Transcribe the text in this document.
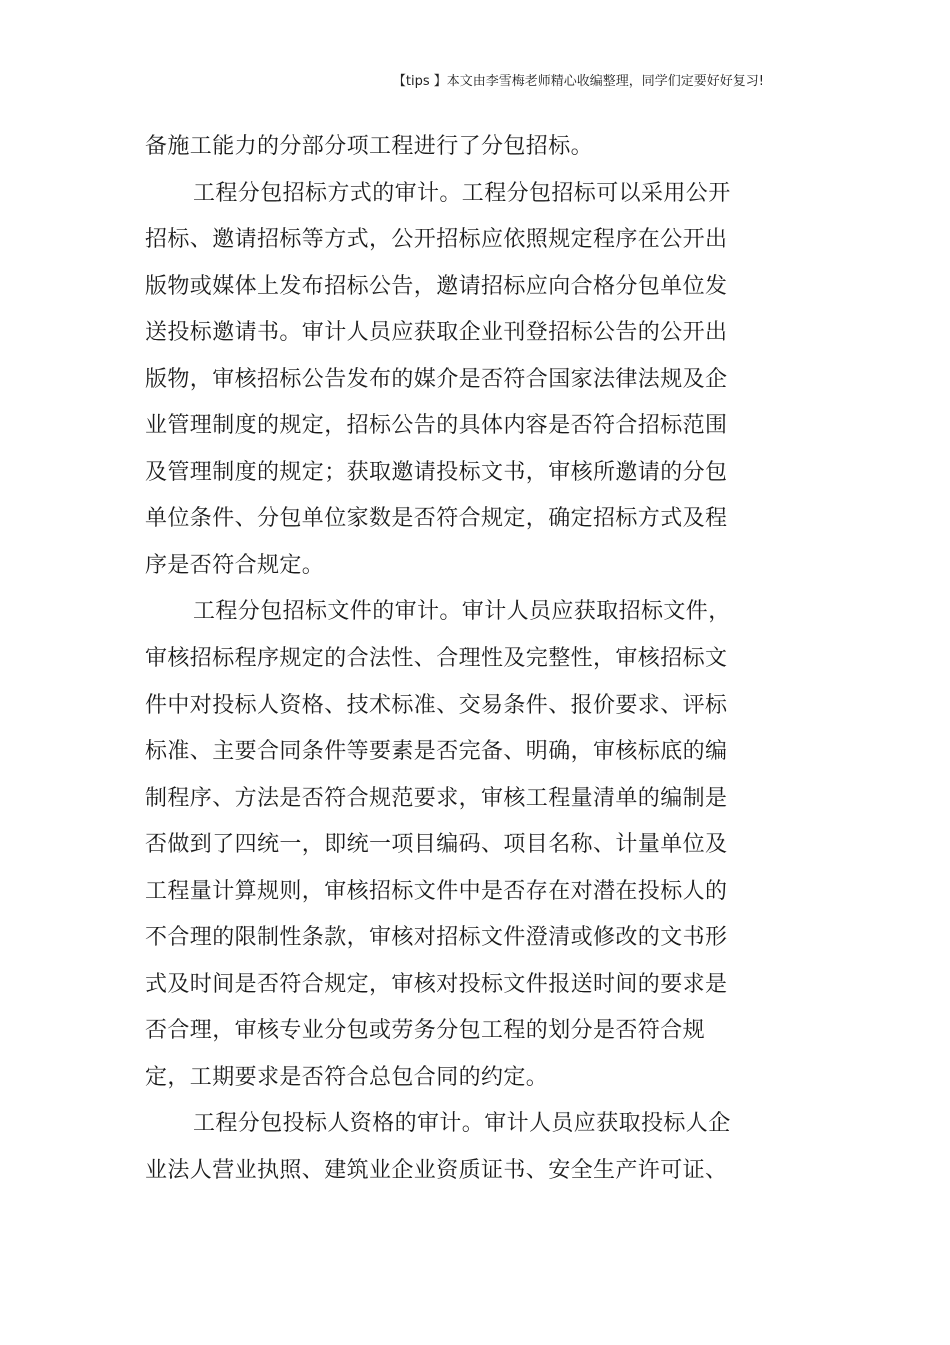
【tips 】本文由李雪梅老师精心收编整理，同学们定要好好复习!
备施工能力的分部分项工程进行了分包招标。
工程分包招标方式的审计。工程分包招标可以采用公开
招标、邀请招标等方式，公开招标应依照规定程序在公开出
版物或媒体上发布招标公告，邀请招标应向合格分包单位发
送投标邀请书。审计人员应获取企业刊登招标公告的公开出
版物，审核招标公告发布的媒介是否符合国家法律法规及企
业管理制度的规定，招标公告的具体内容是否符合招标范围
及管理制度的规定；获取邀请投标文书，审核所邀请的分包
单位条件、分包单位家数是否符合规定，确定招标方式及程
序是否符合规定。
工程分包招标文件的审计。审计人员应获取招标文件，
审核招标程序规定的合法性、合理性及完整性，审核招标文
件中对投标人资格、技术标准、交易条件、报价要求、评标
标准、主要合同条件等要素是否完备、明确，审核标底的编
制程序、方法是否符合规范要求，审核工程量清单的编制是
否做到了四统一，即统一项目编码、项目名称、计量单位及
工程量计算规则，审核招标文件中是否存在对潜在投标人的
不合理的限制性条款，审核对招标文件澄清或修改的文书形
式及时间是否符合规定，审核对投标文件报送时间的要求是
否合理，审核专业分包或劳务分包工程的划分是否符合规
定，工期要求是否符合总包合同的约定。
工程分包投标人资格的审计。审计人员应获取投标人企
业法人营业执照、建筑业企业资质证书、安全生产许可证、
